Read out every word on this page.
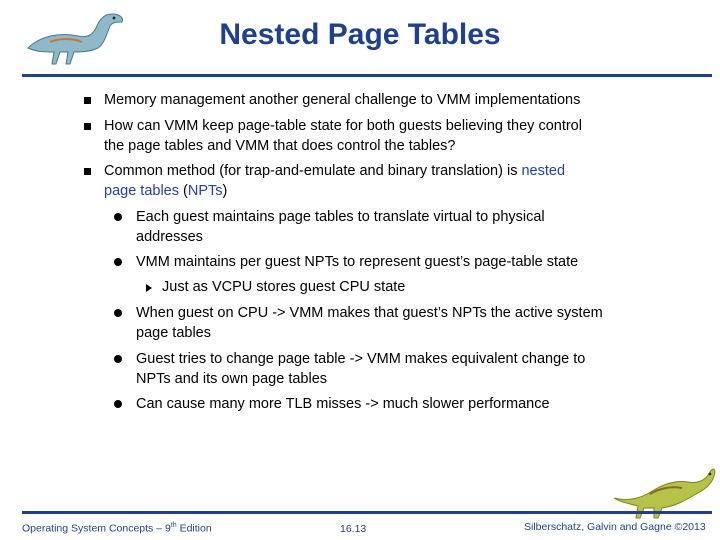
Nested Page Tables
Memory management another general challenge to VMM implementations
How can VMM keep page-table state for both guests believing they control
the page tables and VMM that does control the tables?
Common method (for trap-and-emulate and binary translation) is nested
page tables (NPTs)
Each guest maintains page tables to translate virtual to physical
addresses
VMM maintains per guest NPTs to represent guest’s page-table state
Just as VCPU stores guest CPU state
When guest on CPU -> VMM makes that guest’s NPTs the active system
page tables
Guest tries to change page table -> VMM makes equivalent change to
NPTs and its own page tables
Can cause many more TLB misses -> much slower performance
Operating System Concepts – 9th Edition	16.13	Silberschatz, Galvin and Gagne ©2013
